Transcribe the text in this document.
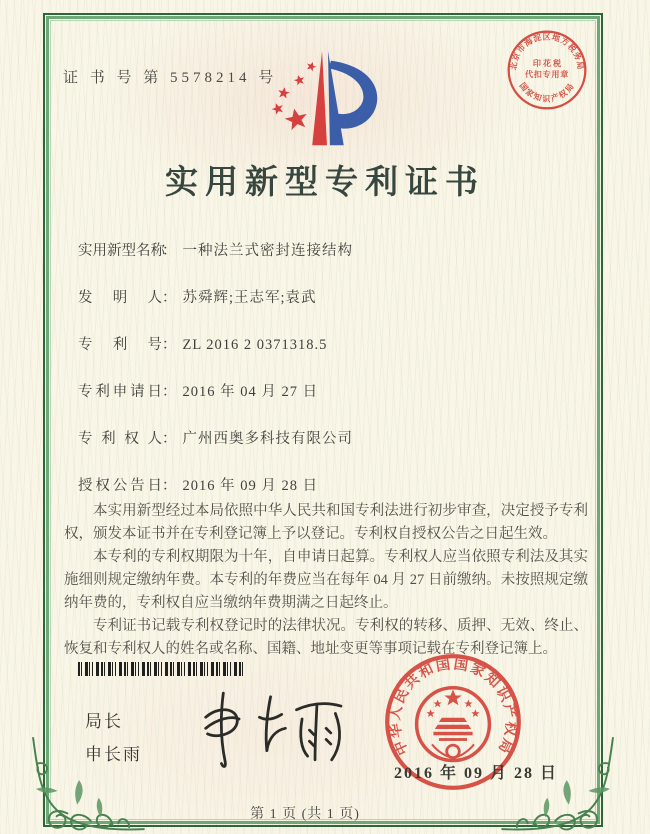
证 书 号 第 5578214 号
北京市海淀区地方税务局
国家知识产权局
印 花 税
代扣专用章
实用新型专利证书
实用新型名称： 一种法兰式密封连接结构
发明人： 苏舜辉;王志军;袁武
专利号： ZL 2016 2 0371318.5
专利申请日： 2016 年 04 月 27 日
专利权人： 广州西奥多科技有限公司
授权公告日： 2016 年 09 月 28 日

本实用新型经过本局依照中华人民共和国专利法进行初步审查，决定授予专利权，颁发本证书并在专利登记簿上予以登记。专利权自授权公告之日起生效。

本专利的专利权期限为十年，自申请日起算。专利权人应当依照专利法及其实施细则规定缴纳年费。本专利的年费应当在每年 04 月 27 日前缴纳。未按照规定缴纳年费的，专利权自应当缴纳年费期满之日起终止。

专利证书记载专利权登记时的法律状况。专利权的转移、质押、无效、终止、恢复和专利权人的姓名或名称、国籍、地址变更等事项记载在专利登记簿上。

局长
申长雨	中华人民共和国国家知识产权局
2016 年 09 月 28 日
第 1 页 (共 1 页)
